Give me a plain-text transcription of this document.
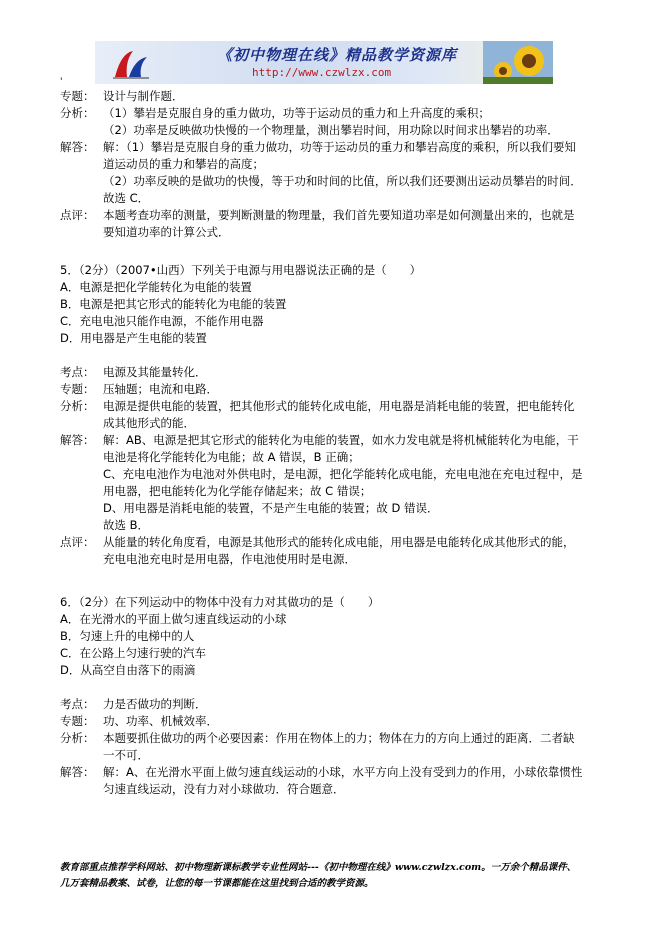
《初中物理在线》精品教学资源库
http://www.czwlzx.com
'
专题： 设计与制作题．
分析： （1）攀岩是克服自身的重力做功，功等于运动员的重力和上升高度的乘积；
（2）功率是反映做功快慢的一个物理量，测出攀岩时间，用功除以时间求出攀岩的功率．
解答： 解：（1）攀岩是克服自身的重力做功，功等于运动员的重力和攀岩高度的乘积，所以我们要知
道运动员的重力和攀岩的高度；
（2）功率反映的是做功的快慢，等于功和时间的比值，所以我们还要测出运动员攀岩的时间．
故选 C．
点评： 本题考查功率的测量，要判断测量的物理量，我们首先要知道功率是如何测量出来的，也就是
要知道功率的计算公式．
5．（2分）（2007•山西）下列关于电源与用电器说法正确的是（　　）
A．电源是把化学能转化为电能的装置
B．电源是把其它形式的能转化为电能的装置
C．充电电池只能作电源，不能作用电器
D．用电器是产生电能的装置
考点： 电源及其能量转化．
专题： 压轴题；电流和电路．
分析： 电源是提供电能的装置，把其他形式的能转化成电能，用电器是消耗电能的装置，把电能转化
成其他形式的能．
解答： 解：AB、电源是把其它形式的能转化为电能的装置，如水力发电就是将机械能转化为电能，干
电池是将化学能转化为电能；故 A 错误，B 正确；
C、充电电池作为电池对外供电时，是电源，把化学能转化成电能，充电电池在充电过程中，是
用电器，把电能转化为化学能存储起来；故 C 错误；
D、用电器是消耗电能的装置，不是产生电能的装置；故 D 错误．
故选 B．
点评： 从能量的转化角度看，电源是其他形式的能转化成电能，用电器是电能转化成其他形式的能，
充电电池充电时是用电器，作电池使用时是电源．
6．（2分）在下列运动中的物体中没有力对其做功的是（　　）
A．在光滑水的平面上做匀速直线运动的小球
B．匀速上升的电梯中的人
C．在公路上匀速行驶的汽车
D．从高空自由落下的雨滴
考点： 力是否做功的判断．
专题： 功、功率、机械效率．
分析： 本题要抓住做功的两个必要因素：作用在物体上的力；物体在力的方向上通过的距离．二者缺
一不可．
解答： 解：A、在光滑水平面上做匀速直线运动的小球，水平方向上没有受到力的作用，小球依靠惯性
匀速直线运动，没有力对小球做功．符合题意．
教育部重点推荐学科网站、初中物理新课标教学专业性网站---《初中物理在线》www.czwlzx.com。一万余个精品课件、
几万套精品教案、试卷，让您的每一节课都能在这里找到合适的教学资源。
